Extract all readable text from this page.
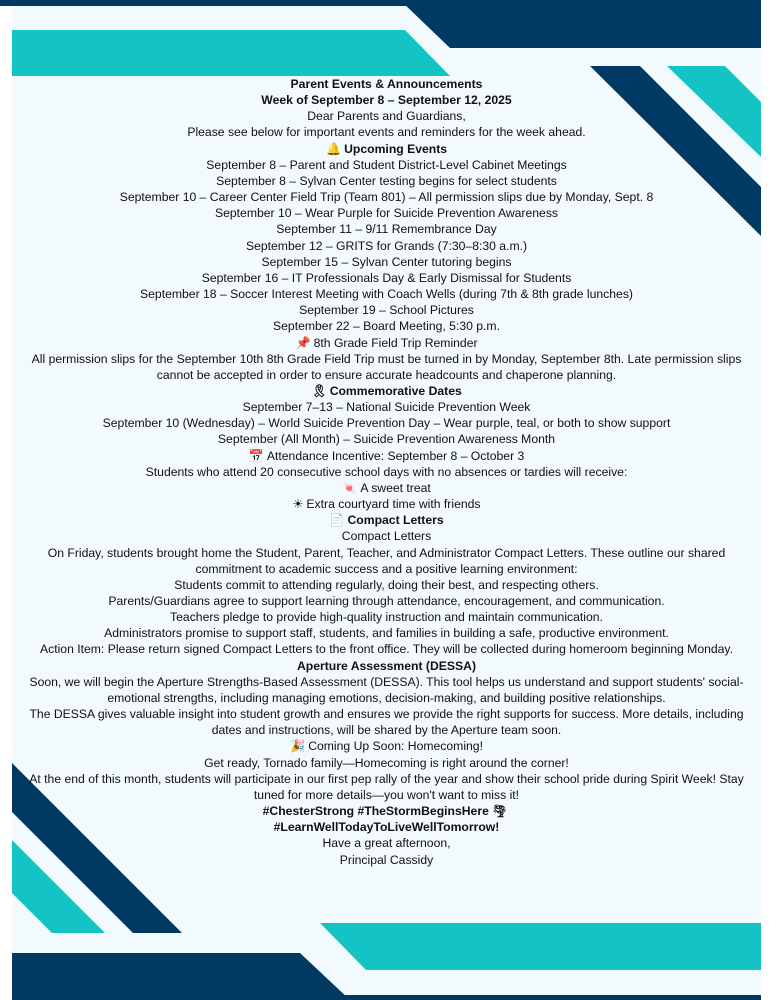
Parent Events & Announcements
Week of September 8 – September 12, 2025
Dear Parents and Guardians,
Please see below for important events and reminders for the week ahead.
🔔 Upcoming Events
September 8 – Parent and Student District-Level Cabinet Meetings
September 8 – Sylvan Center testing begins for select students
September 10 – Career Center Field Trip (Team 801) – All permission slips due by Monday, Sept. 8
September 10 – Wear Purple for Suicide Prevention Awareness
September 11 – 9/11 Remembrance Day
September 12 – GRITS for Grands (7:30–8:30 a.m.)
September 15 – Sylvan Center tutoring begins
September 16 – IT Professionals Day & Early Dismissal for Students
September 18 – Soccer Interest Meeting with Coach Wells (during 7th & 8th grade lunches)
September 19 – School Pictures
September 22 – Board Meeting, 5:30 p.m.
📌 8th Grade Field Trip Reminder
All permission slips for the September 10th 8th Grade Field Trip must be turned in by Monday, September 8th. Late permission slips cannot be accepted in order to ensure accurate headcounts and chaperone planning.
🎗 Commemorative Dates
September 7–13 – National Suicide Prevention Week
September 10 (Wednesday) – World Suicide Prevention Day – Wear purple, teal, or both to show support
September (All Month) – Suicide Prevention Awareness Month
📅 Attendance Incentive: September 8 – October 3
Students who attend 20 consecutive school days with no absences or tardies will receive:
🍬 A sweet treat
☀ Extra courtyard time with friends
📄 Compact Letters
Compact Letters
On Friday, students brought home the Student, Parent, Teacher, and Administrator Compact Letters. These outline our shared commitment to academic success and a positive learning environment:
Students commit to attending regularly, doing their best, and respecting others.
Parents/Guardians agree to support learning through attendance, encouragement, and communication.
Teachers pledge to provide high-quality instruction and maintain communication.
Administrators promise to support staff, students, and families in building a safe, productive environment.
Action Item: Please return signed Compact Letters to the front office. They will be collected during homeroom beginning Monday.
Aperture Assessment (DESSA)
Soon, we will begin the Aperture Strengths-Based Assessment (DESSA). This tool helps us understand and support students' social-emotional strengths, including managing emotions, decision-making, and building positive relationships.
The DESSA gives valuable insight into student growth and ensures we provide the right supports for success. More details, including dates and instructions, will be shared by the Aperture team soon.
🎉 Coming Up Soon: Homecoming!
Get ready, Tornado family—Homecoming is right around the corner!
At the end of this month, students will participate in our first pep rally of the year and show their school pride during Spirit Week! Stay tuned for more details—you won't want to miss it!
#ChesterStrong #TheStormBeginsHere 🌪
#LearnWellTodayToLiveWellTomorrow!
Have a great afternoon,
Principal Cassidy
